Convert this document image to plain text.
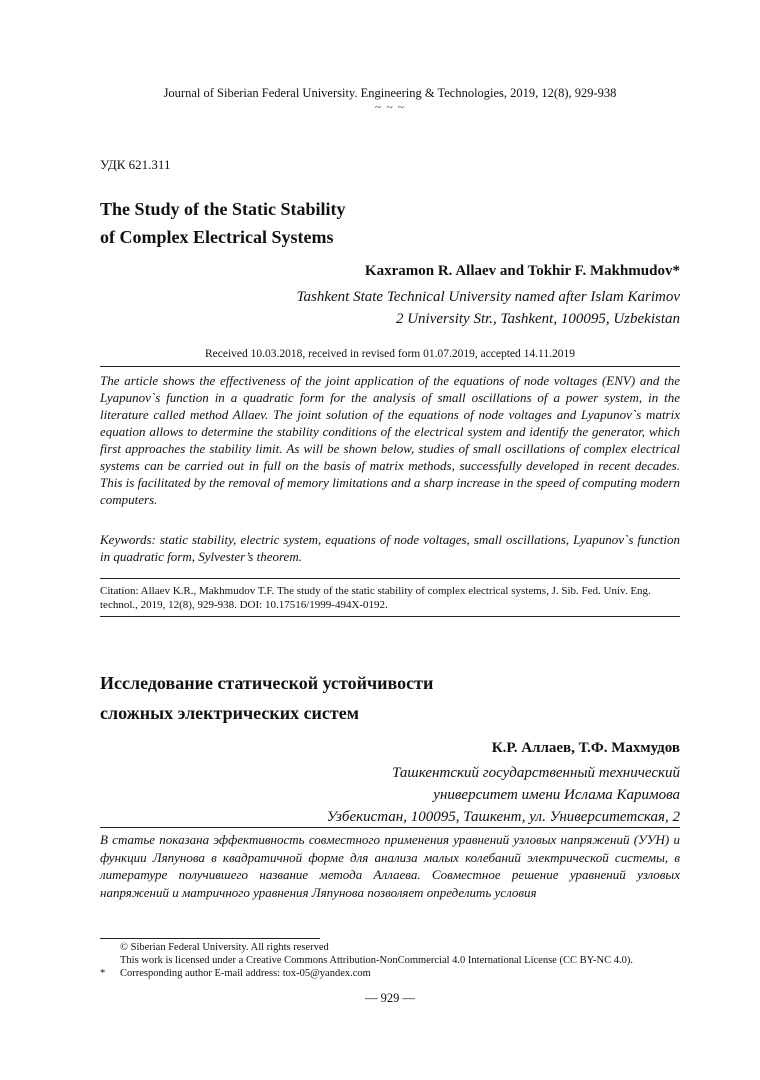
Journal of Siberian Federal University. Engineering & Technologies, 2019, 12(8), 929-938
~ ~ ~
УДК 621.311
The Study of the Static Stability
of Complex Electrical Systems
Kaxramon R. Allaev and Tokhir F. Makhmudov*
Tashkent State Technical University named after Islam Karimov
2 University Str., Tashkent, 100095, Uzbekistan
Received 10.03.2018, received in revised form 01.07.2019, accepted 14.11.2019
The article shows the effectiveness of the joint application of the equations of node voltages (ENV) and the Lyapunov`s function in a quadratic form for the analysis of small oscillations of a power system, in the literature called method Allaev. The joint solution of the equations of node voltages and Lyapunov`s matrix equation allows to determine the stability conditions of the electrical system and identify the generator, which first approaches the stability limit. As will be shown below, studies of small oscillations of complex electrical systems can be carried out in full on the basis of matrix methods, successfully developed in recent decades. This is facilitated by the removal of memory limitations and a sharp increase in the speed of computing modern computers.
Keywords: static stability, electric system, equations of node voltages, small oscillations, Lyapunov`s function in quadratic form, Sylvester’s theorem.
Citation: Allaev K.R., Makhmudov T.F. The study of the static stability of complex electrical systems, J. Sib. Fed. Univ. Eng. technol., 2019, 12(8), 929-938. DOI: 10.17516/1999-494X-0192.
Исследование статической устойчивости
сложных электрических систем
К.Р. Аллаев, Т.Ф. Махмудов
Ташкентский государственный технический
университет имени Ислама Каримова
Узбекистан, 100095, Ташкент, ул. Университетская, 2
В статье показана эффективность совместного применения уравнений узловых напряжений (УУН) и функции Ляпунова в квадратичной форме для анализа малых колебаний электрической системы, в литературе получившего название метода Аллаева. Совместное решение уравнений узловых напряжений и матричного уравнения Ляпунова позволяет определить условия
© Siberian Federal University. All rights reserved
This work is licensed under a Creative Commons Attribution-NonCommercial 4.0 International License (CC BY-NC 4.0).
* Corresponding author E-mail address: tox-05@yandex.com
— 929 —
